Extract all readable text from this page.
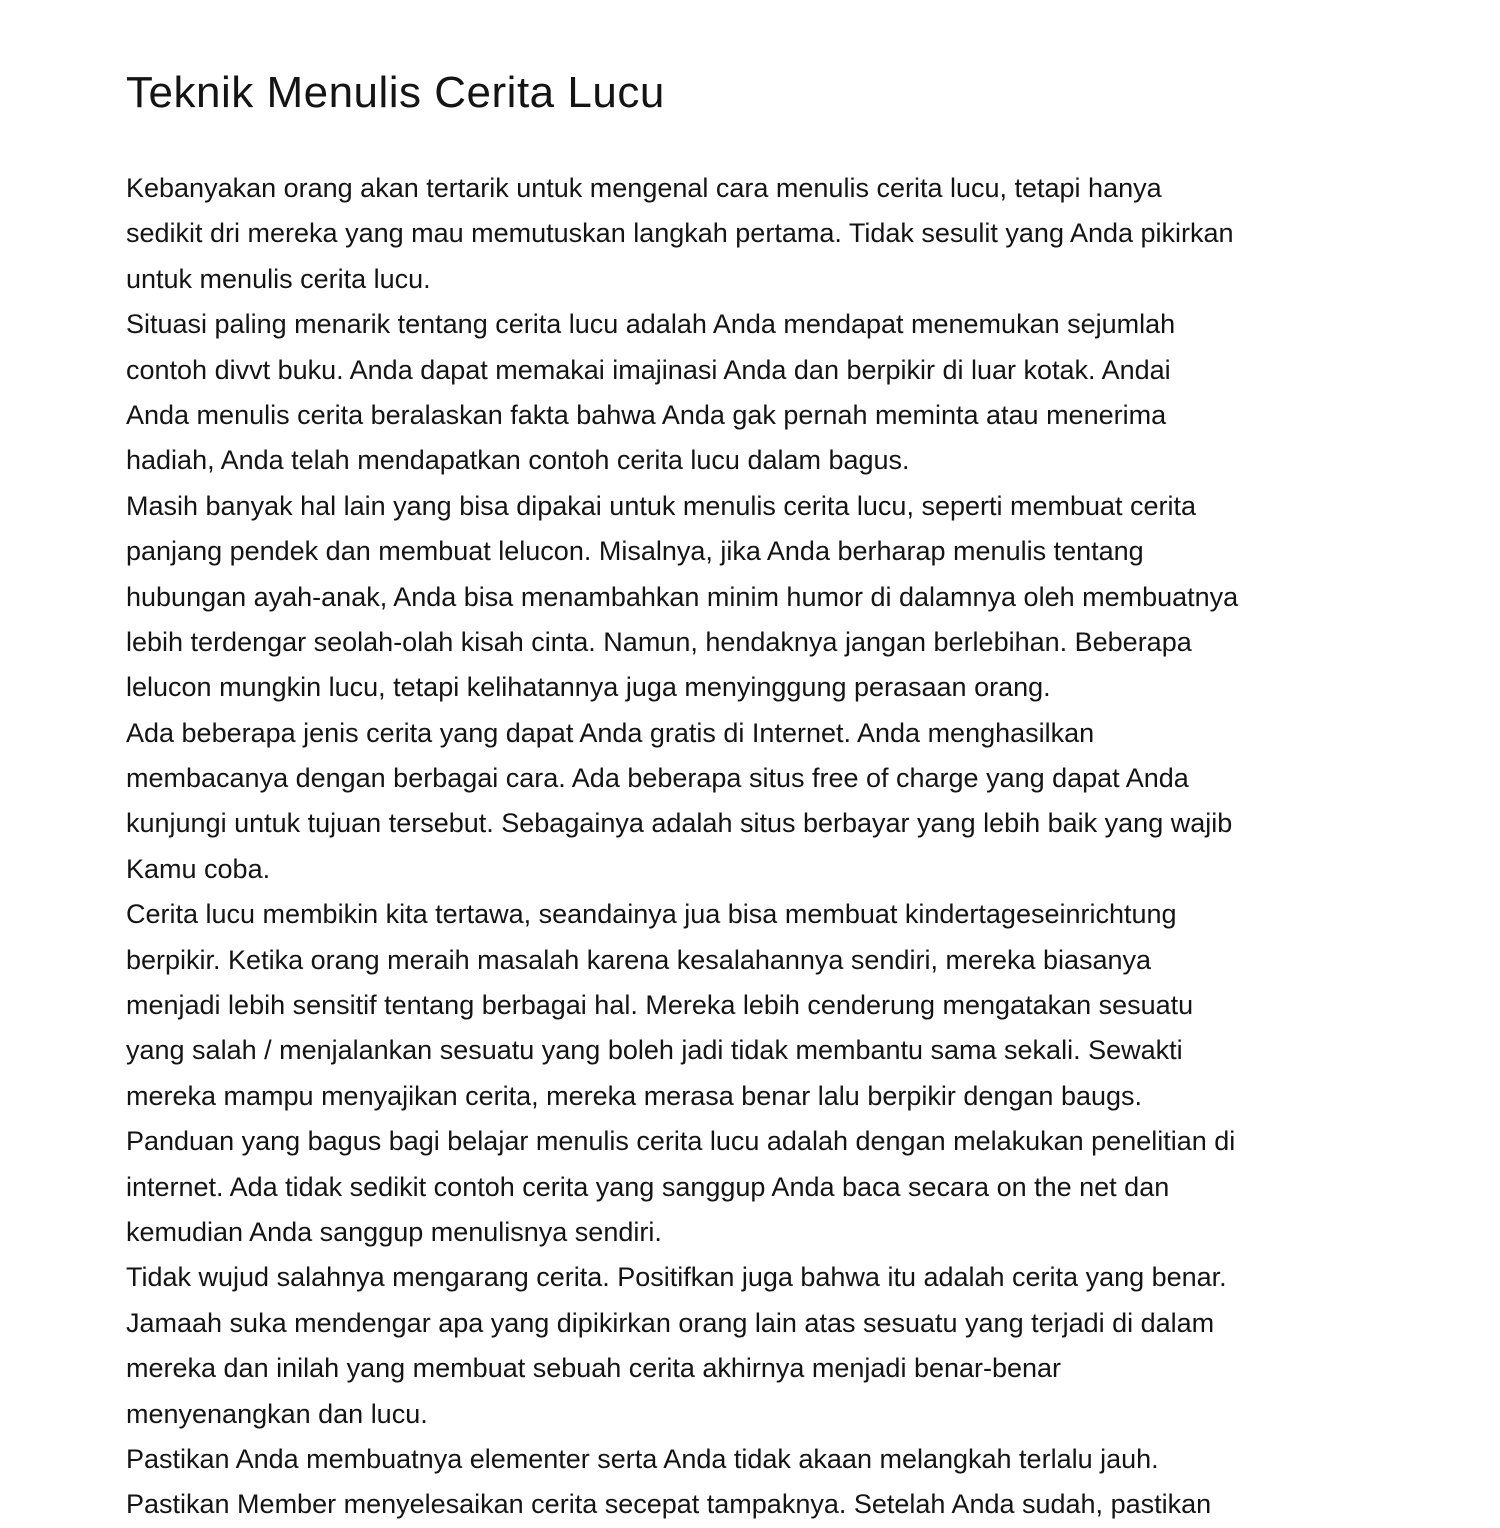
Teknik Menulis Cerita Lucu

Kebanyakan orang akan tertarik untuk mengenal cara menulis cerita lucu, tetapi hanya
sedikit dri mereka yang mau memutuskan langkah pertama. Tidak sesulit yang Anda pikirkan
untuk menulis cerita lucu.

Situasi paling menarik tentang cerita lucu adalah Anda mendapat menemukan sejumlah
contoh divvt buku. Anda dapat memakai imajinasi Anda dan berpikir di luar kotak. Andai
Anda menulis cerita beralaskan fakta bahwa Anda gak pernah meminta atau menerima
hadiah, Anda telah mendapatkan contoh cerita lucu dalam bagus.

Masih banyak hal lain yang bisa dipakai untuk menulis cerita lucu, seperti membuat cerita
panjang pendek dan membuat lelucon. Misalnya, jika Anda berharap menulis tentang
hubungan ayah-anak, Anda bisa menambahkan minim humor di dalamnya oleh membuatnya
lebih terdengar seolah-olah kisah cinta. Namun, hendaknya jangan berlebihan. Beberapa
lelucon mungkin lucu, tetapi kelihatannya juga menyinggung perasaan orang.

Ada beberapa jenis cerita yang dapat Anda gratis di Internet. Anda menghasilkan
membacanya dengan berbagai cara. Ada beberapa situs free of charge yang dapat Anda
kunjungi untuk tujuan tersebut. Sebagainya adalah situs berbayar yang lebih baik yang wajib
Kamu coba.

Cerita lucu membikin kita tertawa, seandainya jua bisa membuat kindertageseinrichtung
berpikir. Ketika orang meraih masalah karena kesalahannya sendiri, mereka biasanya
menjadi lebih sensitif tentang berbagai hal. Mereka lebih cenderung mengatakan sesuatu
yang salah / menjalankan sesuatu yang boleh jadi tidak membantu sama sekali. Sewakti
mereka mampu menyajikan cerita, mereka merasa benar lalu berpikir dengan baugs.

Panduan yang bagus bagi belajar menulis cerita lucu adalah dengan melakukan penelitian di
internet. Ada tidak sedikit contoh cerita yang sanggup Anda baca secara on the net dan
kemudian Anda sanggup menulisnya sendiri.

Tidak wujud salahnya mengarang cerita. Positifkan juga bahwa itu adalah cerita yang benar.
Jamaah suka mendengar apa yang dipikirkan orang lain atas sesuatu yang terjadi di dalam
mereka dan inilah yang membuat sebuah cerita akhirnya menjadi benar-benar
menyenangkan dan lucu.

Pastikan Anda membuatnya elementer serta Anda tidak akaan melangkah terlalu jauh.
Pastikan Member menyelesaikan cerita secepat tampaknya. Setelah Anda sudah, pastikan
